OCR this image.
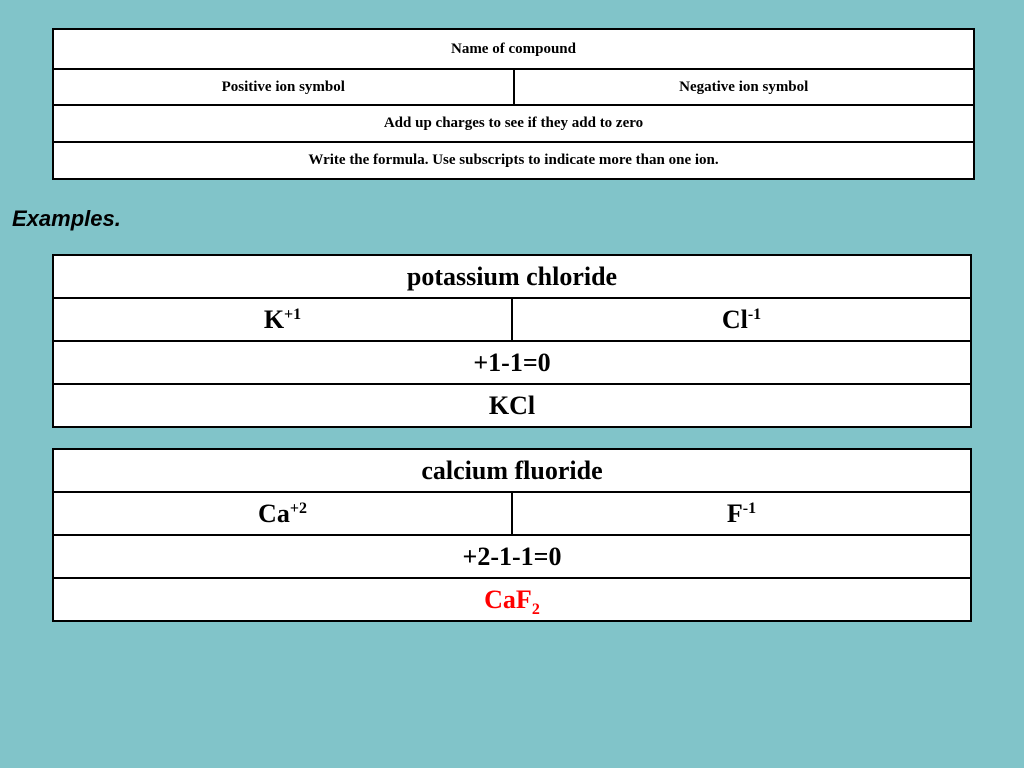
Name of compound
Positive ion symbol	Negative ion symbol
Add up charges to see if they add to zero
Write the formula. Use subscripts to indicate more than one ion.
Examples.
potassium chloride
$K^{+1}$	$Cl^{-1}$
+1-1=0
KCl
calcium fluoride
$Ca^{+2}$	$F^{-1}$
+2-1-1=0
CaF$_2$
